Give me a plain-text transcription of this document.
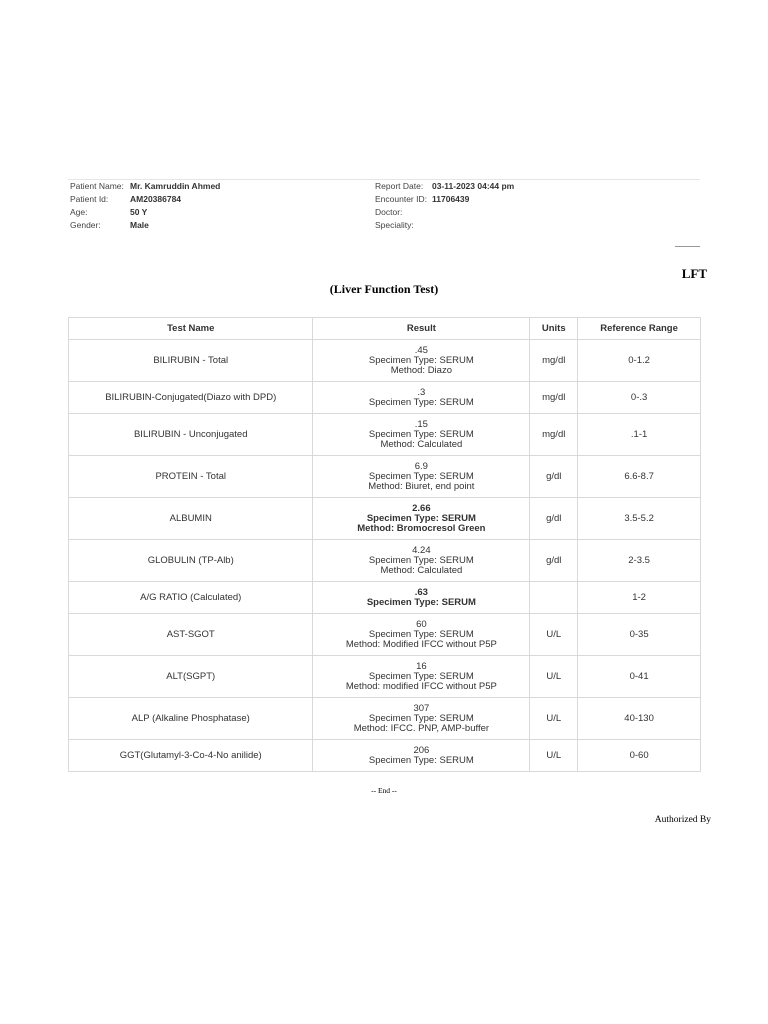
Patient Name: Mr. Kamruddin Ahmed
Patient Id:	AM20386784
Age:	50 Y
Gender:	Male
Report Date:	03-11-2023 04:44 pm
Encounter ID: 11706439
Doctor:
Speciality:
LFT
(Liver Function Test)
Test Name	Result	Units	Reference Range
BILIRUBIN - Total	.45
Specimen Type: SERUM
Method: Diazo	mg/dl	0-1.2
BILIRUBIN-Conjugated(Diazo with DPD)	.3
Specimen Type: SERUM	mg/dl	0-.3
BILIRUBIN - Unconjugated	.15
Specimen Type: SERUM
Method: Calculated	mg/dl	.1-1
PROTEIN - Total	6.9
Specimen Type: SERUM
Method: Biuret, end point	g/dl	6.6-8.7
ALBUMIN	2.66
Specimen Type: SERUM
Method: Bromocresol Green	g/dl	3.5-5.2
GLOBULIN (TP-Alb)	4.24
Specimen Type: SERUM
Method: Calculated	g/dl	2-3.5
A/G RATIO (Calculated)	.63
Specimen Type: SERUM		1-2
AST-SGOT	60
Specimen Type: SERUM
Method: Modified IFCC without P5P	U/L	0-35
ALT(SGPT)	16
Specimen Type: SERUM
Method: modified IFCC without P5P	U/L	0-41
ALP (Alkaline Phosphatase)	307
Specimen Type: SERUM
Method: IFCC. PNP, AMP-buffer	U/L	40-130
GGT(Glutamyl-3-Co-4-No anilide)	206
Specimen Type: SERUM	U/L	0-60
-- End --
Authorized By
